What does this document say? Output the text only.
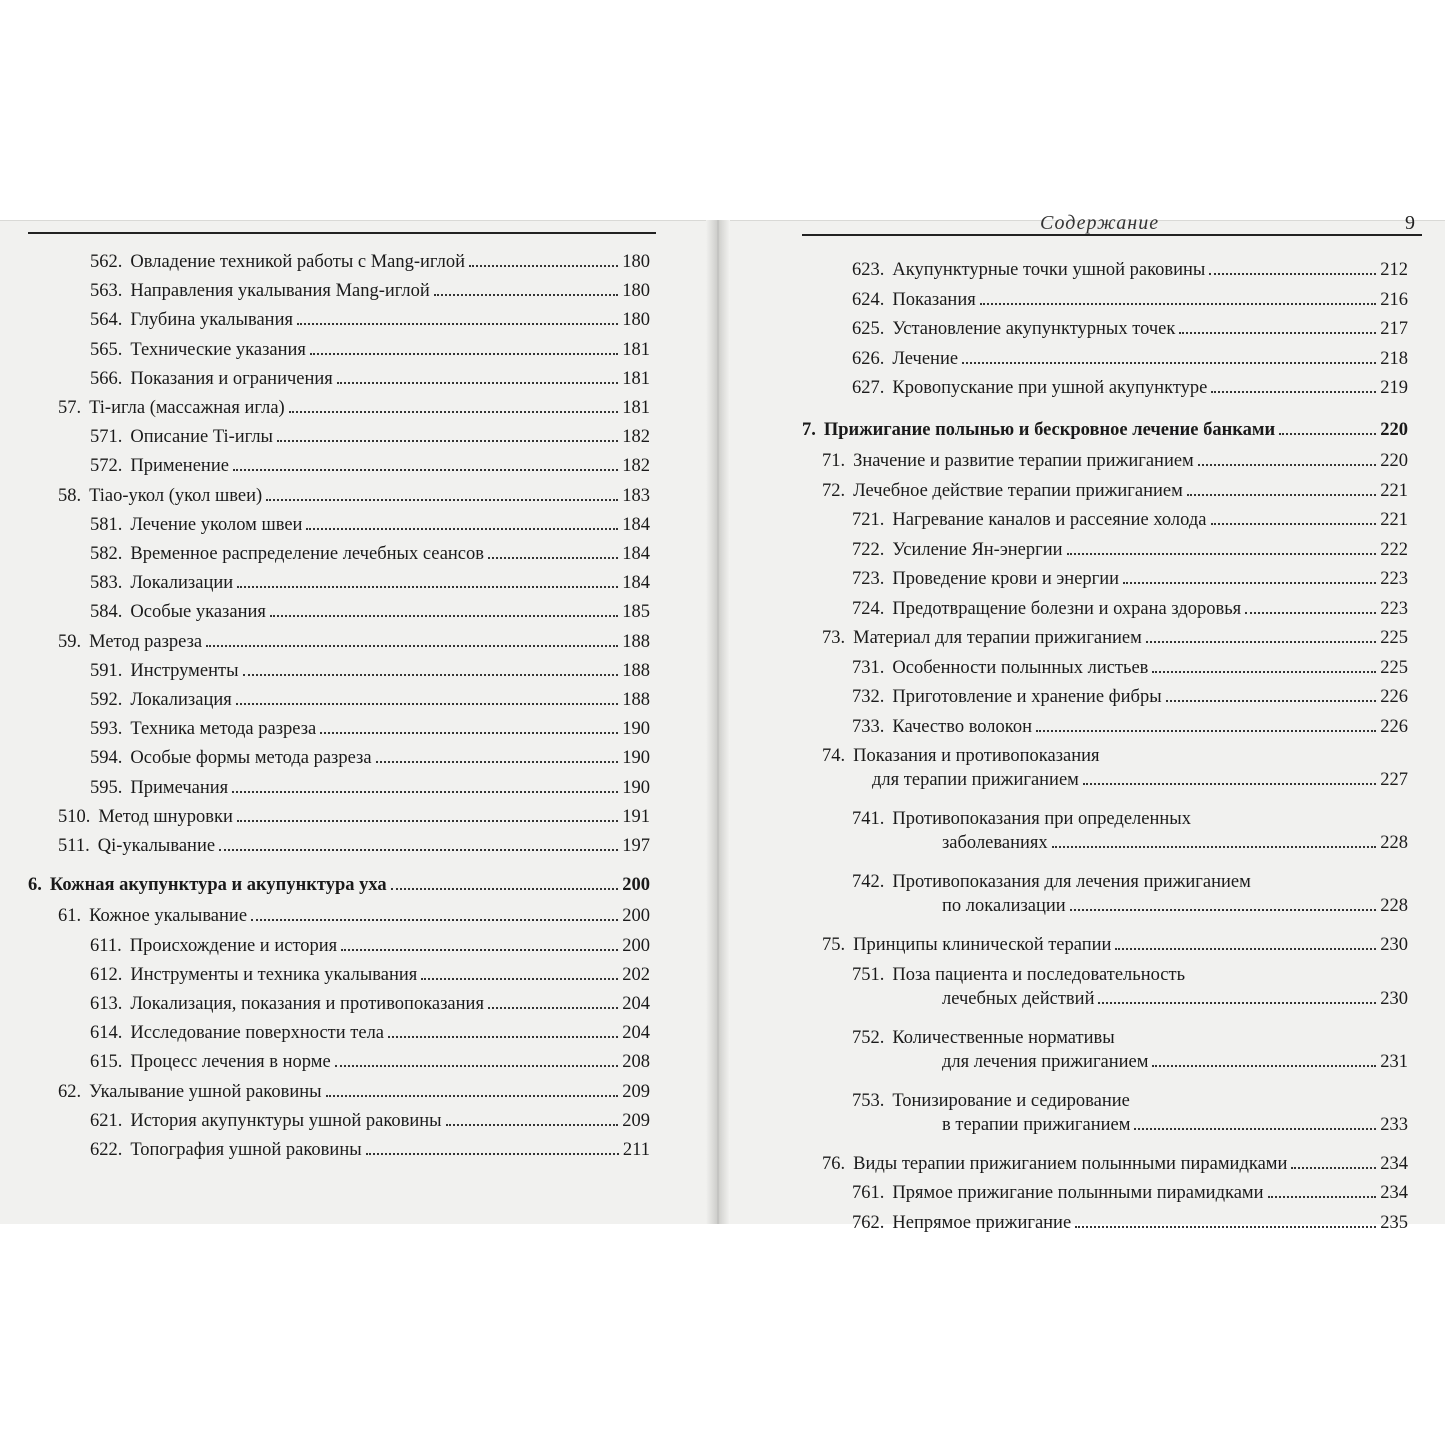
562. Овладение техникой работы с Mang-иглой	180
563. Направления укалывания Mang-иглой	180
564. Глубина укалывания	180
565. Технические указания	181
566. Показания и ограничения	181
57. Ti-игла (массажная игла)	181
571. Описание Ti-иглы	182
572. Применение	182
58. Tiao-укол (укол швеи)	183
581. Лечение уколом швеи	184
582. Временное распределение лечебных сеансов	184
583. Локализации	184
584. Особые указания	185
59. Метод разреза	188
591. Инструменты	188
592. Локализация	188
593. Техника метода разреза	190
594. Особые формы метода разреза	190
595. Примечания	190
510. Метод шнуровки	191
511. Qi-укалывание	197
6. Кожная акупунктура и акупунктура уха	200
61. Кожное укалывание	200
611. Происхождение и история	200
612. Инструменты и техника укалывания	202
613. Локализация, показания и противопоказания	204
614. Исследование поверхности тела	204
615. Процесс лечения в норме	208
62. Укалывание ушной раковины	209
621. История акупунктуры ушной раковины	209
622. Топография ушной раковины	211
Содержание	9
623. Акупунктурные точки ушной раковины	212
624. Показания	216
625. Установление акупунктурных точек	217
626. Лечение	218
627. Кровопускание при ушной акупунктуре	219
7. Прижигание полынью и бескровное лечение банками	220
71. Значение и развитие терапии прижиганием	220
72. Лечебное действие терапии прижиганием	221
721. Нагревание каналов и рассеяние холода	221
722. Усиление Ян-энергии	222
723. Проведение крови и энергии	223
724. Предотвращение болезни и охрана здоровья	223
73. Материал для терапии прижиганием	225
731. Особенности полынных листьев	225
732. Приготовление и хранение фибры	226
733. Качество волокон	226
74. Показания и противопоказания
для терапии прижиганием	227
741. Противопоказания при определенных
заболеваниях	228
742. Противопоказания для лечения прижиганием
по локализации	228
75. Принципы клинической терапии	230
751. Поза пациента и последовательность
лечебных действий	230
752. Количественные нормативы
для лечения прижиганием	231
753. Тонизирование и седирование
в терапии прижиганием	233
76. Виды терапии прижиганием полынными пирамидками	234
761. Прямое прижигание полынными пирамидками	234
762. Непрямое прижигание	235
